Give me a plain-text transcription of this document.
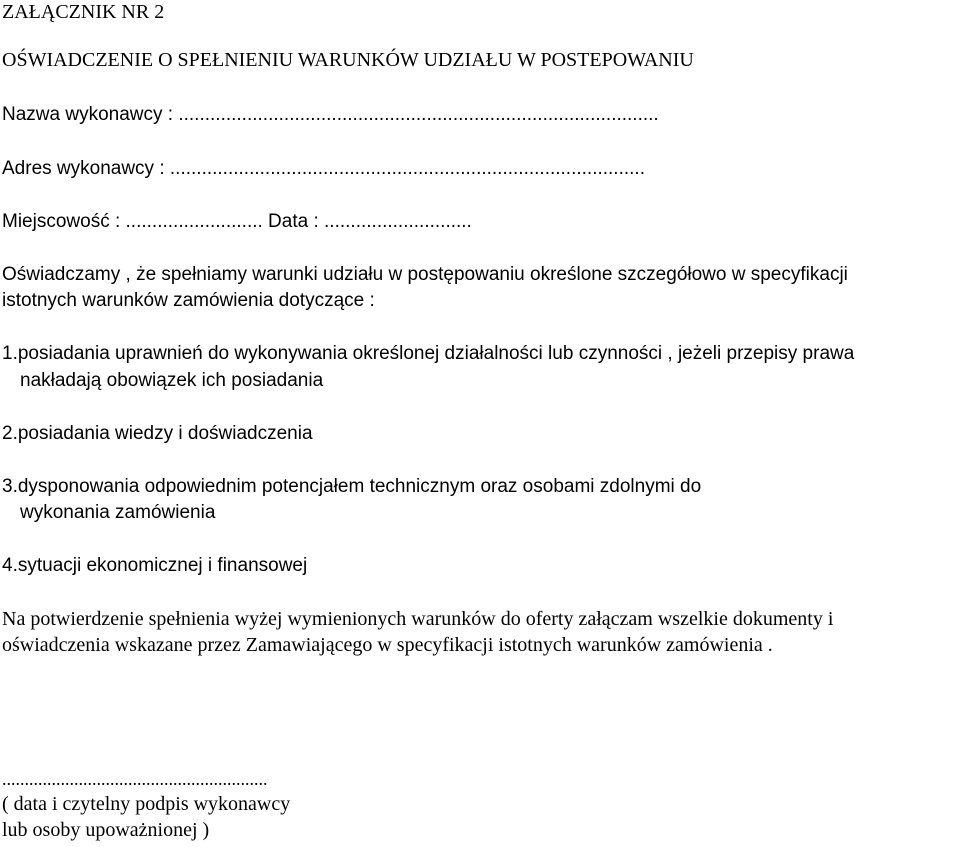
ZAŁĄCZNIK NR 2

OŚWIADCZENIE O SPEŁNIENIU WARUNKÓW UDZIAŁU W POSTEPOWANIU

Nazwa wykonawcy : ...........................................................................................

Adres wykonawcy : ..........................................................................................

Miejscowość : .......................... Data : ............................

Oświadczamy , że spełniamy warunki udziału w postępowaniu określone szczegółowo w specyfikacji

istotnych warunków zamówienia dotyczące :

1.posiadania uprawnień do wykonywania określonej działalności lub czynności , jeżeli przepisy prawa

nakładają obowiązek ich posiadania

2.posiadania wiedzy i doświadczenia

3.dysponowania odpowiednim potencjałem technicznym oraz osobami zdolnymi do

wykonania zamówienia

4.sytuacji ekonomicznej i finansowej

Na potwierdzenie spełnienia wyżej wymienionych warunków do oferty załączam wszelkie dokumenty i

oświadczenia wskazane przez Zamawiającego w specyfikacji istotnych warunków zamówienia .

...........................................................

( data i czytelny podpis wykonawcy

lub osoby upoważnionej )
